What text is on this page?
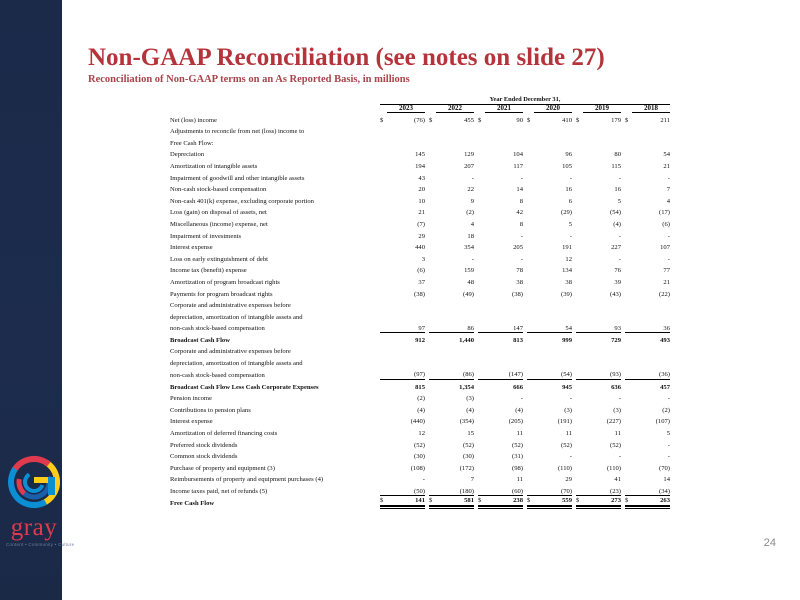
gray
Content • Community • Culture
Non-GAAP Reconciliation (see notes on slide 27)
Reconciliation of Non-GAAP terms on an As Reported Basis, in millions
24
	Year Ended December 31,																
		2023			2022			2021			2020			2019			2018
Net (loss) income	$	(76)		$	455		$	90		$	410		$	179		$	211
Adjustments to reconcile from net (loss) income to																	
Free Cash Flow:																	
Depreciation		145			129			104			96			80			54
Amortization of intangible assets		194			207			117			105			115			21
Impairment of goodwill and other intangible assets		43			-			-			-			-			-
Non-cash stock-based compensation		20			22			14			16			16			7
Non-cash 401(k) expense, excluding corporate portion		10			9			8			6			5			4
Loss (gain) on disposal of assets, net		21			(2)			42			(29)			(54)			(17)
Miscellaneous (income) expense, net		(7)			4			8			5			(4)			(6)
Impairment of investments		29			18			-			-			-			-
Interest expense		440			354			205			191			227			107
Loss on early extinguishment of debt		3			-			-			12			-			-
Income tax (benefit) expense		(6)			159			78			134			76			77
Amortization of program broadcast rights		37			48			38			38			39			21
Payments for program broadcast rights		(38)			(49)			(38)			(39)			(43)			(22)
Corporate and administrative expenses before																	
depreciation, amortization of intangible assets and																	
non-cash stock-based compensation		97			86			147			54			93			36
Broadcast Cash Flow		912			1,440			813			999			729			493
Corporate and administrative expenses before																	
depreciation, amortization of intangible assets and																	
non-cash stock-based compensation		(97)			(86)			(147)			(54)			(93)			(36)
Broadcast Cash Flow Less Cash Corporate Expenses		815			1,354			666			945			636			457
Pension income		(2)			(3)			-			-			-			-
Contributions to pension plans		(4)			(4)			(4)			(3)			(3)			(2)
Interest expense		(440)			(354)			(205)			(191)			(227)			(107)
Amortization of deferred financing costs		12			15			11			11			11			5
Preferred stock dividends		(52)			(52)			(52)			(52)			(52)			-
Common stock dividends		(30)			(30)			(31)			-			-			-
Purchase of property and equipment (3)		(108)			(172)			(98)			(110)			(110)			(70)
Reimbursements of property and equipment purchases (4)		-			7			11			29			41			14
Income taxes paid, net of refunds (5)		(50)			(180)			(60)			(70)			(23)			(34)
Free Cash Flow	$	141		$	581		$	238		$	559		$	273		$	263
